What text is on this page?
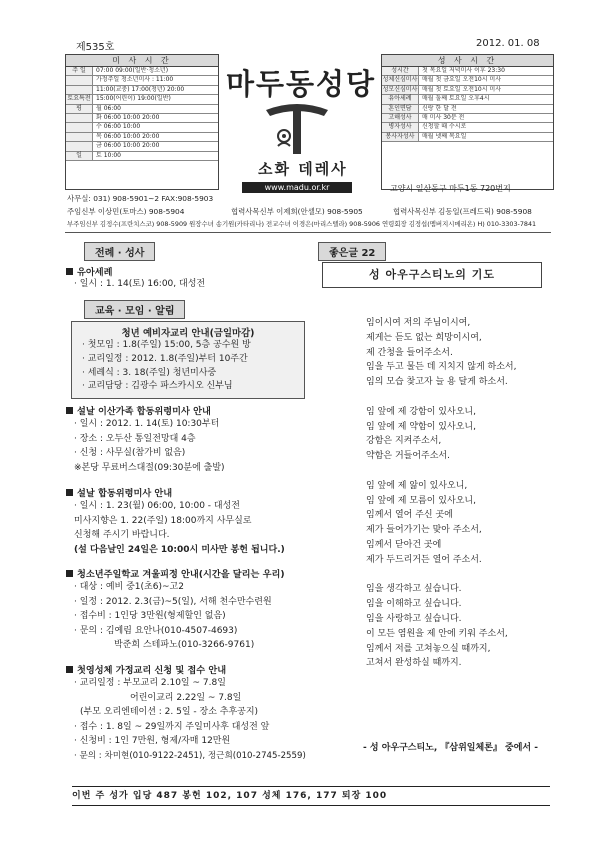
제535호	2012. 01. 08
미 사 시 간
주 일	07:00 09:00(일반·청소년)
가정주일 청소년미사 : 11:00
11:00(교중) 17:00(청년) 20:00
토요특전 15:00(어린이) 19:00(일반)
평	월 06:00
화 06:00 10:00 20:00
수 06:00 10:00
목 06:00 10:00 20:00
금 06:00 10:00 20:00
일	토 10:00
마두동성당
소화 데레사
www.madu.or.kr
성 사 시 간
성시간	첫 목요일 저녁미사 이후 23:30
성체신심미사 매월 첫 금요일 오전10시 미사
성모신심미사 매월 첫 토요일 오전10시 미사
유아세례	매월 둘째 토요일 오후4시
혼인면담	신랑 한 달 전
고해성사	매 미사 30분 전
병자성사	신청할 때 수시로
봉사자성사	매월 넷째 목요일
고양시 일산동구 마두1동 720번지
사무실: 031) 908-5901~2 FAX:908-5903
주임신부 이상민(토마스) 908-5904	협력사목신부 이제희(안셀모) 908-5905	협력사목신부 김동일(프레드릭) 908-5908
부주임신부 김정수(프란치스코) 908-5909 원장수녀 송기원(카타리나) 전교수녀 이경은(마리스텔라) 908-5906 연령회장 김정섭(멤버지시메리온) H) 010-3303-7841
전례 · 성사
유아세례
· 일시 : 1. 14(토) 16:00, 대성전
교육 · 모임 · 알림
청년 예비자교리 안내(금일마감)
· 첫모임 : 1.8(주일) 15:00, 5층 공수원 방
· 교리일정 : 2012. 1.8(주일)부터 10주간
· 세례식 : 3. 18(주일) 청년미사중
· 교리담당 : 김광수 파스카시오 신부님
설날 이산가족 합동위령미사 안내
· 일시 : 2012. 1. 14(토) 10:30부터
· 장소 : 오두산 통일전망대 4층
· 신청 : 사무실(참가비 없음)
※본당 무료버스대절(09:30분에 출발)
설날 합동위령미사 안내
· 일시 : 1. 23(월) 06:00, 10:00 - 대성전
미사지향은 1. 22(주일) 18:00까지 사무실로
신청해 주시기 바랍니다.
(설 다음날인 24일은 10:00시 미사만 봉헌 됩니다.)
청소년주일학교 겨울피정 안내(시간을 달리는 우리)
· 대상 : 예비 중1(초6)~고2
· 일정 : 2012. 2.3(금)~5(일), 서해 천수만수련원
· 접수비 : 1인당 3만원(형제할인 없음)
· 문의 : 김예림 요안나(010-4507-4693)
박준희 스테파노(010-3266-9761)
첫영성체 가정교리 신청 및 접수 안내
· 교리일정 : 부모교리 2.10일 ~ 7.8일
어린이교리 2.22일 ~ 7.8일
(부모 오리엔테이션 : 2. 5일 - 장소 추후공지)
· 접수 : 1. 8일 ~ 29일까지 주일미사후 대성전 앞
· 신청비 : 1인 7만원, 형제/자매 12만원
· 문의 : 차미현(010-9122-2451), 정근희(010-2745-2559)
좋은글 22
성 아우구스티노의 기도
임이시여 저의 주님이시여,
제게는 듣도 없는 희망이시여,
제 간청을 들어주소서.
임을 두고 물든 데 지치지 않게 하소서,
임의 모습 찾고자 늘 용 달게 하소서.
임 앞에 제 강함이 있사오니,
임 앞에 제 약함이 있사오니,
강함은 지켜주소서,
약함은 거들어주소서.
임 앞에 제 앎이 있사오니,
임 앞에 제 모름이 있사오니,
임께서 열어 주신 곳에
제가 들어가기는 맞아 주소서,
임께서 닫아건 곳에
제가 두드리거든 열어 주소서.
임을 생각하고 싶습니다.
임을 이해하고 싶습니다.
임을 사랑하고 싶습니다.
이 모든 염원을 제 안에 키워 주소서,
임께서 저를 고쳐놓으실 때까지,
고쳐서 완성하실 때까지.
- 성 아우구스티노, 『삼위일체론』 중에서 -
이번 주 성가 입당 487 봉헌 102, 107 성체 176, 177 퇴장 100
